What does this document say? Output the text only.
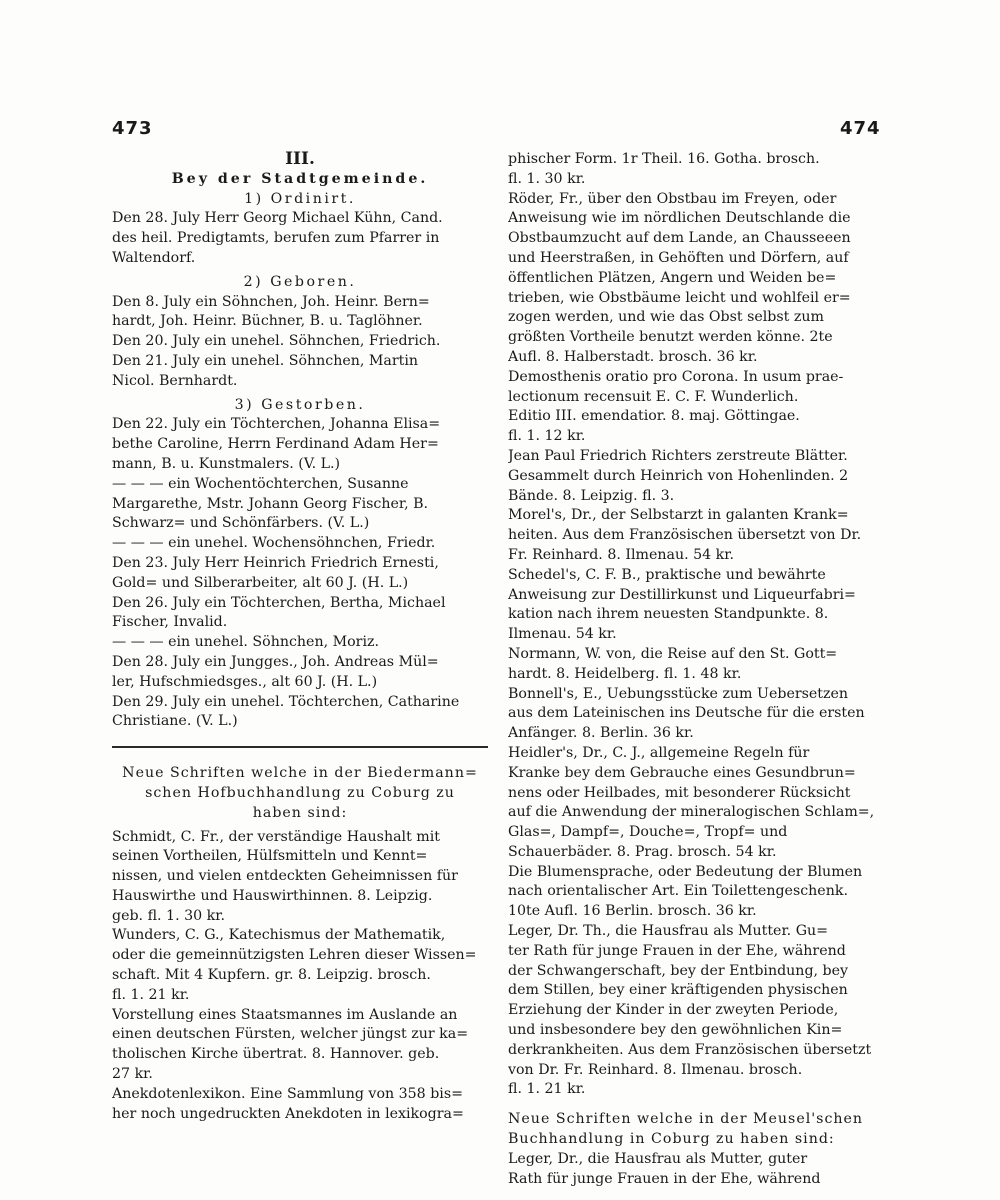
473	474
III.
Bey der Stadtgemeinde.
1) Ordinirt.
Den 28. July Herr Georg Michael Kühn, Cand.
des heil. Predigtamts, berufen zum Pfarrer in
Waltendorf.
2) Geboren.
Den 8. July ein Söhnchen, Joh. Heinr. Bern=
hardt, Joh. Heinr. Büchner, B. u. Taglöhner.
Den 20. July ein unehel. Söhnchen, Friedrich.
Den 21. July ein unehel. Söhnchen, Martin
Nicol. Bernhardt.
3) Gestorben.
Den 22. July ein Töchterchen, Johanna Elisa=
bethe Caroline, Herrn Ferdinand Adam Her=
mann, B. u. Kunstmalers. (V. L.)
— — — ein Wochentöchterchen, Susanne
Margarethe, Mstr. Johann Georg Fischer, B.
Schwarz= und Schönfärbers. (V. L.)
— — — ein unehel. Wochensöhnchen, Friedr.
Den 23. July Herr Heinrich Friedrich Ernesti,
Gold= und Silberarbeiter, alt 60 J. (H. L.)
Den 26. July ein Töchterchen, Bertha, Michael
Fischer, Invalid.
— — — ein unehel. Söhnchen, Moriz.
Den 28. July ein Jungges., Joh. Andreas Mül=
ler, Hufschmiedsges., alt 60 J. (H. L.)
Den 29. July ein unehel. Töchterchen, Catharine
Christiane. (V. L.)
Neue Schriften welche in der Biedermann=
schen Hofbuchhandlung zu Coburg zu
haben sind:
Schmidt, C. Fr., der verständige Haushalt mit
seinen Vortheilen, Hülfsmitteln und Kennt=
nissen, und vielen entdeckten Geheimnissen für
Hauswirthe und Hauswirthinnen. 8. Leipzig.
geb. fl. 1. 30 kr.
Wunders, C. G., Katechismus der Mathematik,
oder die gemeinnützigsten Lehren dieser Wissen=
schaft. Mit 4 Kupfern. gr. 8. Leipzig. brosch.
fl. 1. 21 kr.
Vorstellung eines Staatsmannes im Auslande an
einen deutschen Fürsten, welcher jüngst zur ka=
tholischen Kirche übertrat. 8. Hannover. geb.
27 kr.
Anekdotenlexikon. Eine Sammlung von 358 bis=
her noch ungedruckten Anekdoten in lexikogra=
phischer Form. 1r Theil. 16. Gotha. brosch.
fl. 1. 30 kr.
Röder, Fr., über den Obstbau im Freyen, oder
Anweisung wie im nördlichen Deutschlande die
Obstbaumzucht auf dem Lande, an Chausseeen
und Heerstraßen, in Gehöften und Dörfern, auf
öffentlichen Plätzen, Angern und Weiden be=
trieben, wie Obstbäume leicht und wohlfeil er=
zogen werden, und wie das Obst selbst zum
größten Vortheile benutzt werden könne. 2te
Aufl. 8. Halberstadt. brosch. 36 kr.
Demosthenis oratio pro Corona. In usum prae-
lectionum recensuit E. C. F. Wunderlich.
Editio III. emendatior. 8. maj. Göttingae.
fl. 1. 12 kr.
Jean Paul Friedrich Richters zerstreute Blätter.
Gesammelt durch Heinrich von Hohenlinden. 2
Bände. 8. Leipzig. fl. 3.
Morel's, Dr., der Selbstarzt in galanten Krank=
heiten. Aus dem Französischen übersetzt von Dr.
Fr. Reinhard. 8. Ilmenau. 54 kr.
Schedel's, C. F. B., praktische und bewährte
Anweisung zur Destillirkunst und Liqueurfabri=
kation nach ihrem neuesten Standpunkte. 8.
Ilmenau. 54 kr.
Normann, W. von, die Reise auf den St. Gott=
hardt. 8. Heidelberg. fl. 1. 48 kr.
Bonnell's, E., Uebungsstücke zum Uebersetzen
aus dem Lateinischen ins Deutsche für die ersten
Anfänger. 8. Berlin. 36 kr.
Heidler's, Dr., C. J., allgemeine Regeln für
Kranke bey dem Gebrauche eines Gesundbrun=
nens oder Heilbades, mit besonderer Rücksicht
auf die Anwendung der mineralogischen Schlam=,
Glas=, Dampf=, Douche=, Tropf= und
Schauerbäder. 8. Prag. brosch. 54 kr.
Die Blumensprache, oder Bedeutung der Blumen
nach orientalischer Art. Ein Toilettengeschenk.
10te Aufl. 16 Berlin. brosch. 36 kr.
Leger, Dr. Th., die Hausfrau als Mutter. Gu=
ter Rath für junge Frauen in der Ehe, während
der Schwangerschaft, bey der Entbindung, bey
dem Stillen, bey einer kräftigenden physischen
Erziehung der Kinder in der zweyten Periode,
und insbesondere bey den gewöhnlichen Kin=
derkrankheiten. Aus dem Französischen übersetzt
von Dr. Fr. Reinhard. 8. Ilmenau. brosch.
fl. 1. 21 kr.
Neue Schriften welche in der Meusel'schen
Buchhandlung in Coburg zu haben sind:
Leger, Dr., die Hausfrau als Mutter, guter
Rath für junge Frauen in der Ehe, während
